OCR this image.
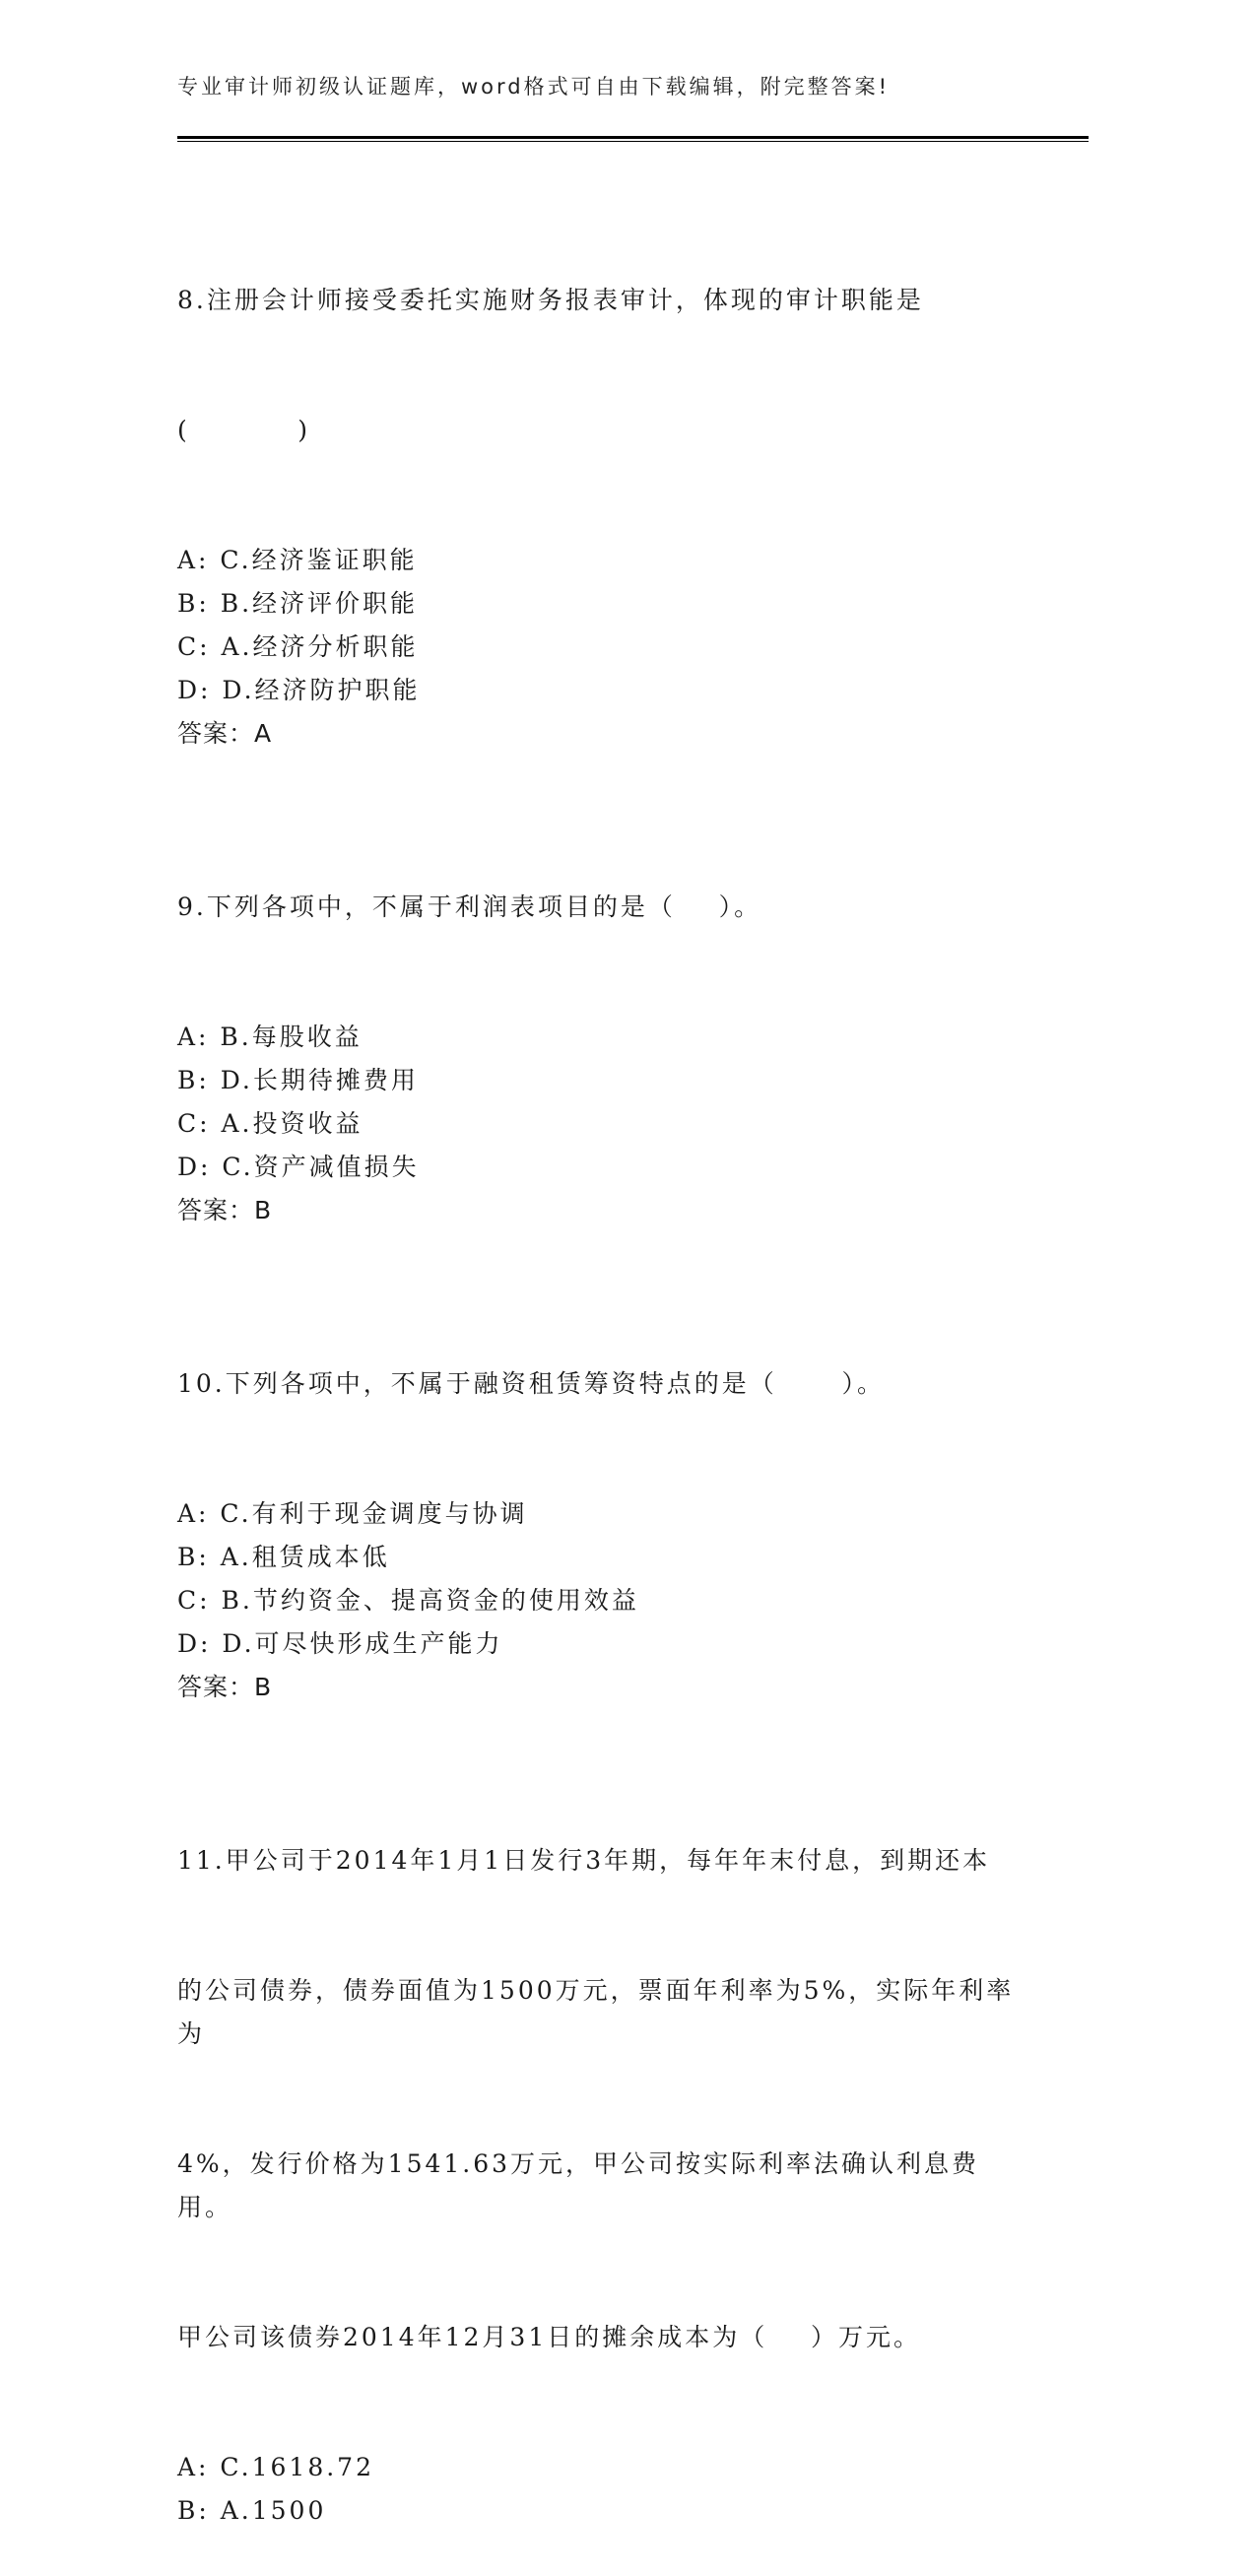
专业审计师初级认证题库，word格式可自由下载编辑，附完整答案!

8.注册会计师接受委托实施财务报表审计，体现的审计职能是

(          )

A: C.经济鉴证职能
B: B.经济评价职能
C: A.经济分析职能
D: D.经济防护职能
答案：A

9.下列各项中，不属于利润表项目的是（    ）。

A: B.每股收益
B: D.长期待摊费用
C: A.投资收益
D: C.资产减值损失
答案：B

10.下列各项中，不属于融资租赁筹资特点的是（      ）。

A: C.有利于现金调度与协调
B: A.租赁成本低
C: B.节约资金、提高资金的使用效益
D: D.可尽快形成生产能力
答案：B

11.甲公司于2014年1月1日发行3年期，每年年末付息，到期还本

的公司债券，债券面值为1500万元，票面年利率为5%，实际年利率为

4%，发行价格为1541.63万元，甲公司按实际利率法确认利息费用。

甲公司该债券2014年12月31日的摊余成本为（    ）万元。

A: C.1618.72
B: A.1500
